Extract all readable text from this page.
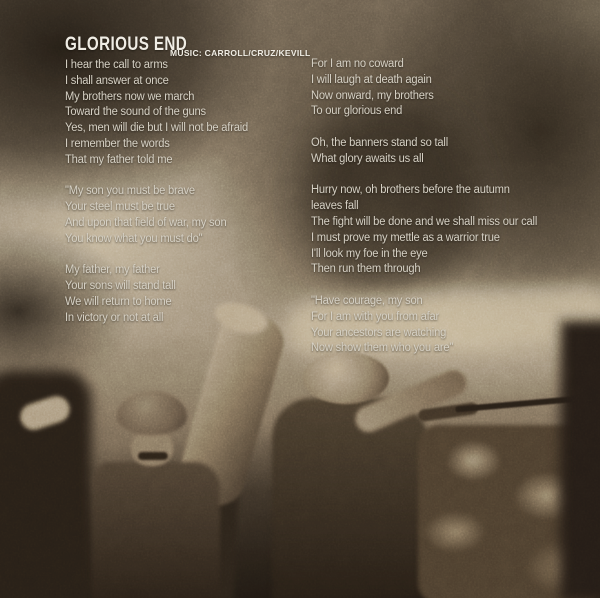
GLORIOUS END
MUSIC: CARROLL/CRUZ/KEVILL

I hear the call to arms
I shall answer at once
My brothers now we march
Toward the sound of the guns
Yes, men will die but I will not be afraid
I remember the words
That my father told me

"My son you must be brave
Your steel must be true
And upon that field of war, my son
You know what you must do"

My father, my father
Your sons will stand tall
We will return to home
In victory or not at all

For I am no coward
I will laugh at death again
Now onward, my brothers
To our glorious end

Oh, the banners stand so tall
What glory awaits us all

Hurry now, oh brothers before the autumn
leaves fall
The fight will be done and we shall miss our call
I must prove my mettle as a warrior true
I'll look my foe in the eye
Then run them through

"Have courage, my son
For I am with you from afar
Your ancestors are watching
Now show them who you are"
